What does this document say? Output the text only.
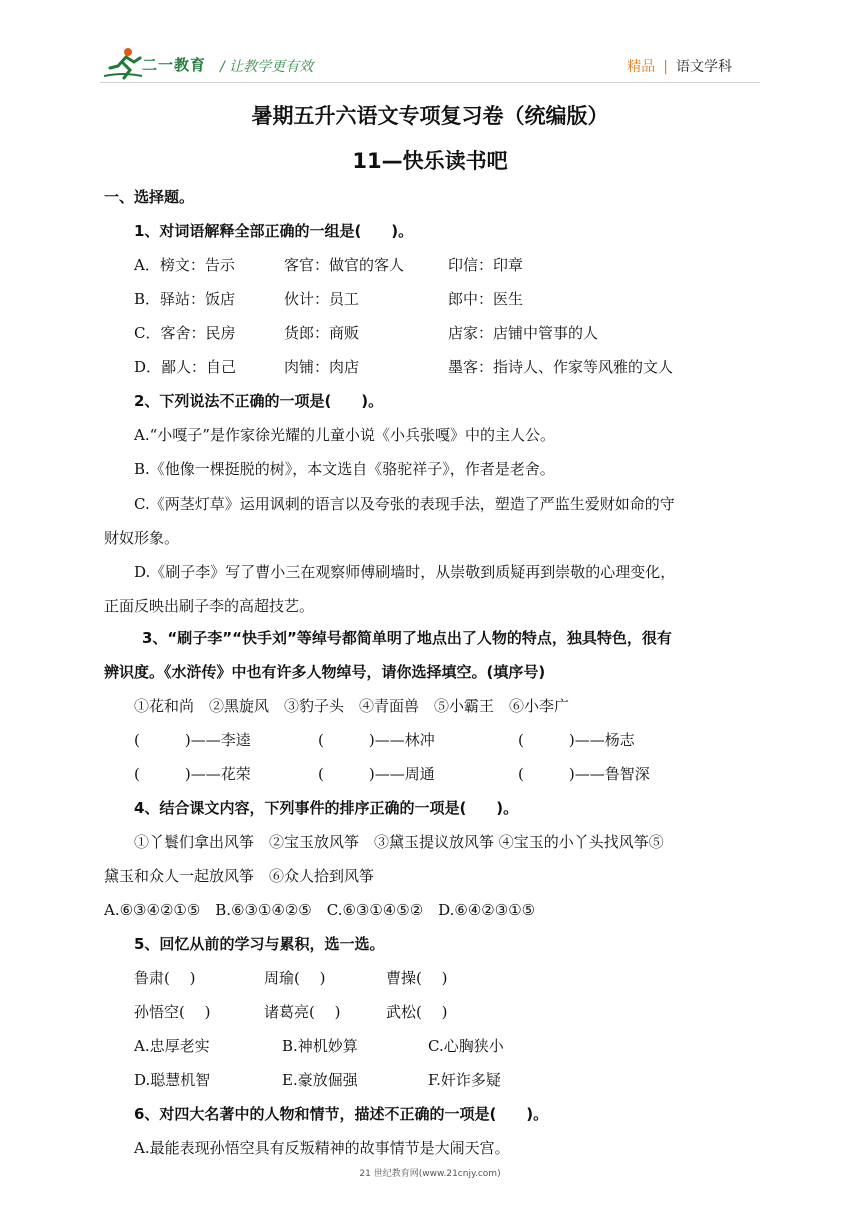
二一教育 / 让教学更有效	精品 | 语文学科
暑期五升六语文专项复习卷（统编版）
11—快乐读书吧
一、选择题。
1、对词语解释全部正确的一组是(　　)。
A．榜文：告示	客官：做官的客人	印信：印章
B．驿站：饭店	伙计：员工	郎中：医生
C．客舍：民房	货郎：商贩	店家：店铺中管事的人
D．鄙人：自己	肉铺：肉店	墨客：指诗人、作家等风雅的文人
2、下列说法不正确的一项是(　　)。
A.“小嘎子”是作家徐光耀的儿童小说《小兵张嘎》中的主人公。
B.《他像一棵挺脱的树》，本文选自《骆驼祥子》，作者是老舍。
C.《两茎灯草》运用讽刺的语言以及夸张的表现手法，塑造了严监生爱财如命的守
财奴形象。
D.《刷子李》写了曹小三在观察师傅刷墙时，从崇敬到质疑再到崇敬的心理变化，
正面反映出刷子李的高超技艺。
3、“刷子李”“快手刘”等绰号都简单明了地点出了人物的特点，独具特色，很有
辨识度。《水浒传》中也有许多人物绰号，请你选择填空。(填序号)
①花和尚　②黑旋风　③豹子头　④青面兽　⑤小霸王　⑥小李广
(　　　)——李逵	(　　　)——林冲	(　　　)——杨志
(　　　)——花荣	(　　　)——周通	(　　　)——鲁智深
4、结合课文内容，下列事件的排序正确的一项是(　　)。
①丫鬟们拿出风筝　②宝玉放风筝　③黛玉提议放风筝 ④宝玉的小丫头找风筝⑤
黛玉和众人一起放风筝　⑥众人拾到风筝
A.⑥③④②①⑤　B.⑥③①④②⑤　C.⑥③①④⑤②　D.⑥④②③①⑤
5、回忆从前的学习与累积，选一选。
鲁肃(　 )	周瑜(　 )	曹操(　 )
孙悟空(　 )	诸葛亮(　 )	武松(　 )
A.忠厚老实	B.神机妙算	C.心胸狭小
D.聪慧机智	E.豪放倔强	F.奸诈多疑
6、对四大名著中的人物和情节，描述不正确的一项是(　　)。
A.最能表现孙悟空具有反叛精神的故事情节是大闹天宫。
21 世纪教育网(www.21cnjy.com)
